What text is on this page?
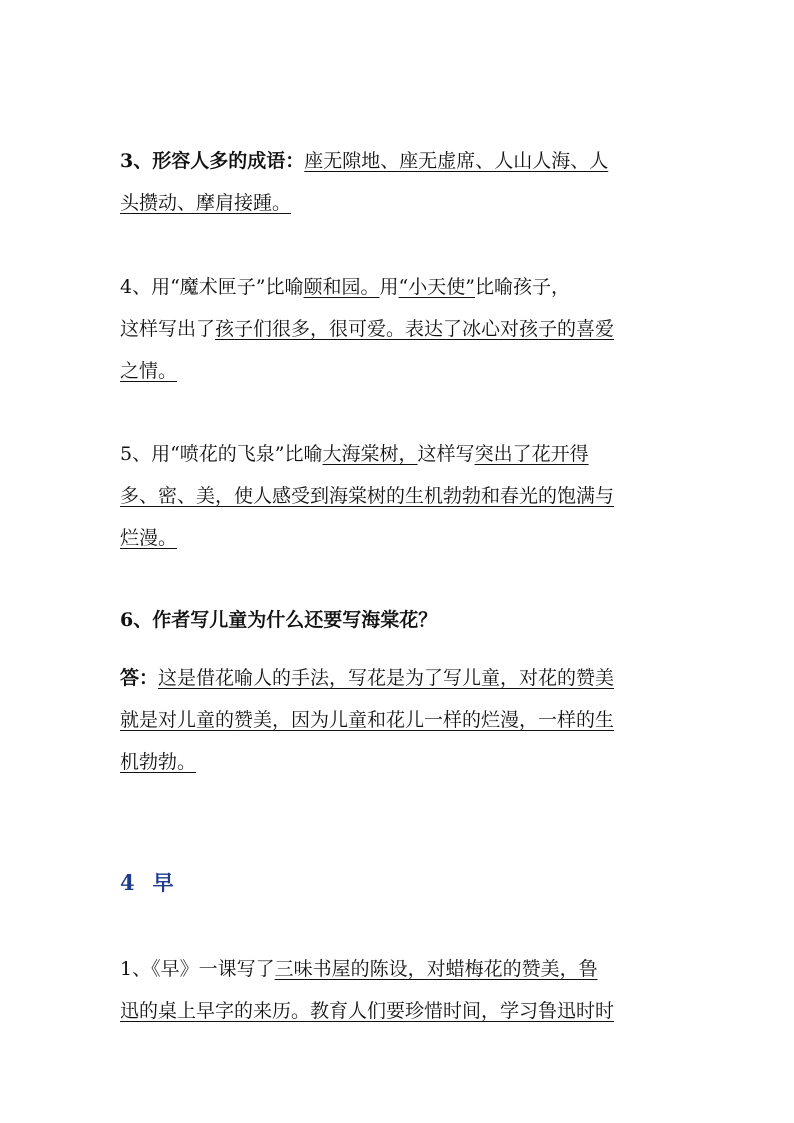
3、形容人多的成语：座无隙地、座无虚席、人山人海、人
头攒动、摩肩接踵。
4、用“魔术匣子”比喻颐和园。用“小天使”比喻孩子，
这样写出了孩子们很多，很可爱。表达了冰心对孩子的喜爱
之情。
5、用“喷花的飞泉”比喻大海棠树，这样写突出了花开得
多、密、美，使人感受到海棠树的生机勃勃和春光的饱满与
烂漫。
6、作者写儿童为什么还要写海棠花？
答：这是借花喻人的手法，写花是为了写儿童，对花的赞美
就是对儿童的赞美，因为儿童和花儿一样的烂漫，一样的生
机勃勃。
4 早
1、《早》一课写了三味书屋的陈设，对蜡梅花的赞美，鲁
迅的桌上早字的来历。教育人们要珍惜时间，学习鲁迅时时
